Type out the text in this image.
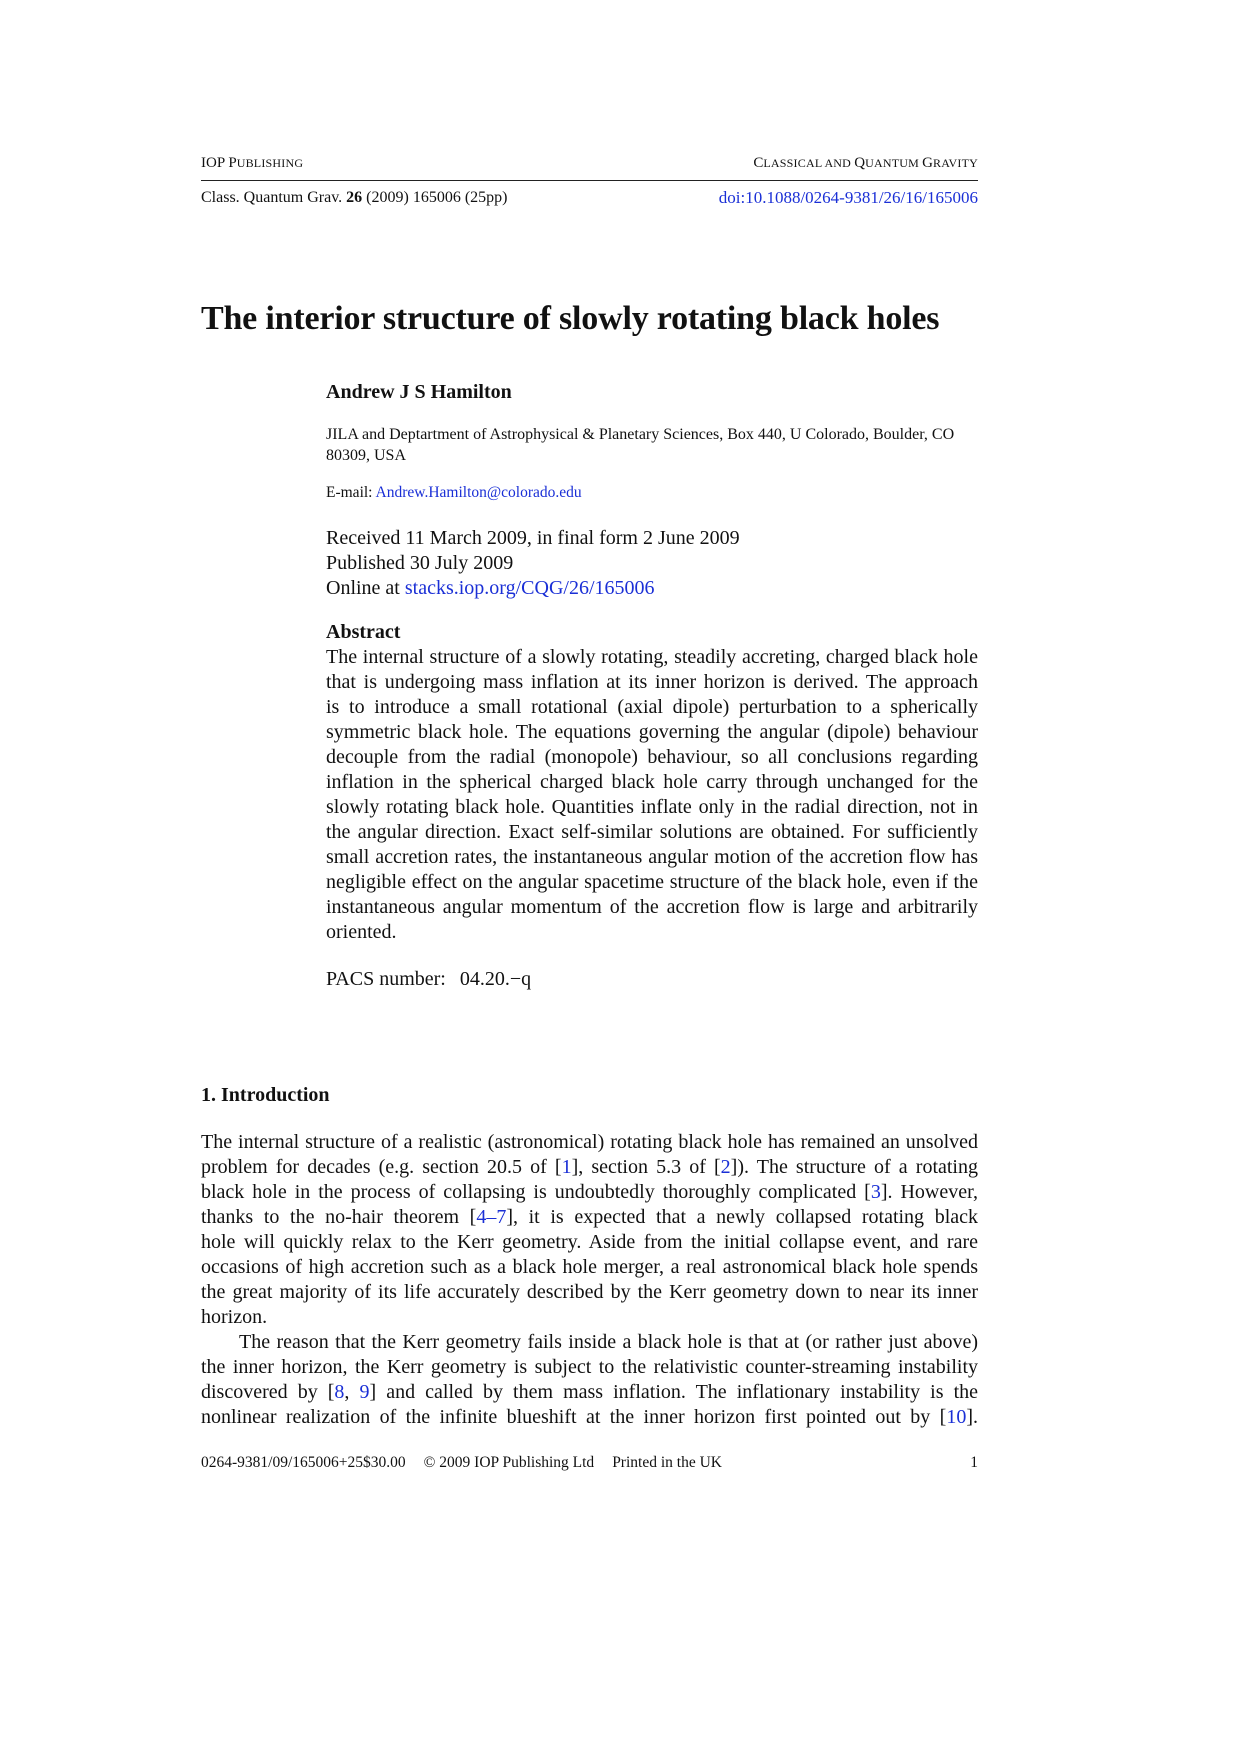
IOP PUBLISHING	CLASSICAL AND QUANTUM GRAVITY
Class. Quantum Grav. 26 (2009) 165006 (25pp)	doi:10.1088/0264-9381/26/16/165006
The interior structure of slowly rotating black holes
Andrew J S Hamilton
JILA and Deptartment of Astrophysical & Planetary Sciences, Box 440, U Colorado, Boulder, CO 80309, USA
E-mail: Andrew.Hamilton@colorado.edu
Received 11 March 2009, in final form 2 June 2009
Published 30 July 2009
Online at stacks.iop.org/CQG/26/165006
Abstract
The internal structure of a slowly rotating, steadily accreting, charged black hole
that is undergoing mass inflation at its inner horizon is derived. The approach
is to introduce a small rotational (axial dipole) perturbation to a spherically
symmetric black hole. The equations governing the angular (dipole) behaviour
decouple from the radial (monopole) behaviour, so all conclusions regarding
inflation in the spherical charged black hole carry through unchanged for the
slowly rotating black hole. Quantities inflate only in the radial direction, not in
the angular direction. Exact self-similar solutions are obtained. For sufficiently
small accretion rates, the instantaneous angular motion of the accretion flow has
negligible effect on the angular spacetime structure of the black hole, even if the
instantaneous angular momentum of the accretion flow is large and arbitrarily
oriented.
PACS number: 04.20.−q
1. Introduction
The internal structure of a realistic (astronomical) rotating black hole has remained an unsolved
problem for decades (e.g. section 20.5 of [1], section 5.3 of [2]). The structure of a rotating
black hole in the process of collapsing is undoubtedly thoroughly complicated [3]. However,
thanks to the no-hair theorem [4–7], it is expected that a newly collapsed rotating black
hole will quickly relax to the Kerr geometry. Aside from the initial collapse event, and rare
occasions of high accretion such as a black hole merger, a real astronomical black hole spends
the great majority of its life accurately described by the Kerr geometry down to near its inner
horizon.
The reason that the Kerr geometry fails inside a black hole is that at (or rather just above)
the inner horizon, the Kerr geometry is subject to the relativistic counter-streaming instability
discovered by [8, 9] and called by them mass inflation. The inflationary instability is the
nonlinear realization of the infinite blueshift at the inner horizon first pointed out by [10].
0264-9381/09/165006+25$30.00 © 2009 IOP Publishing Ltd Printed in the UK	1
